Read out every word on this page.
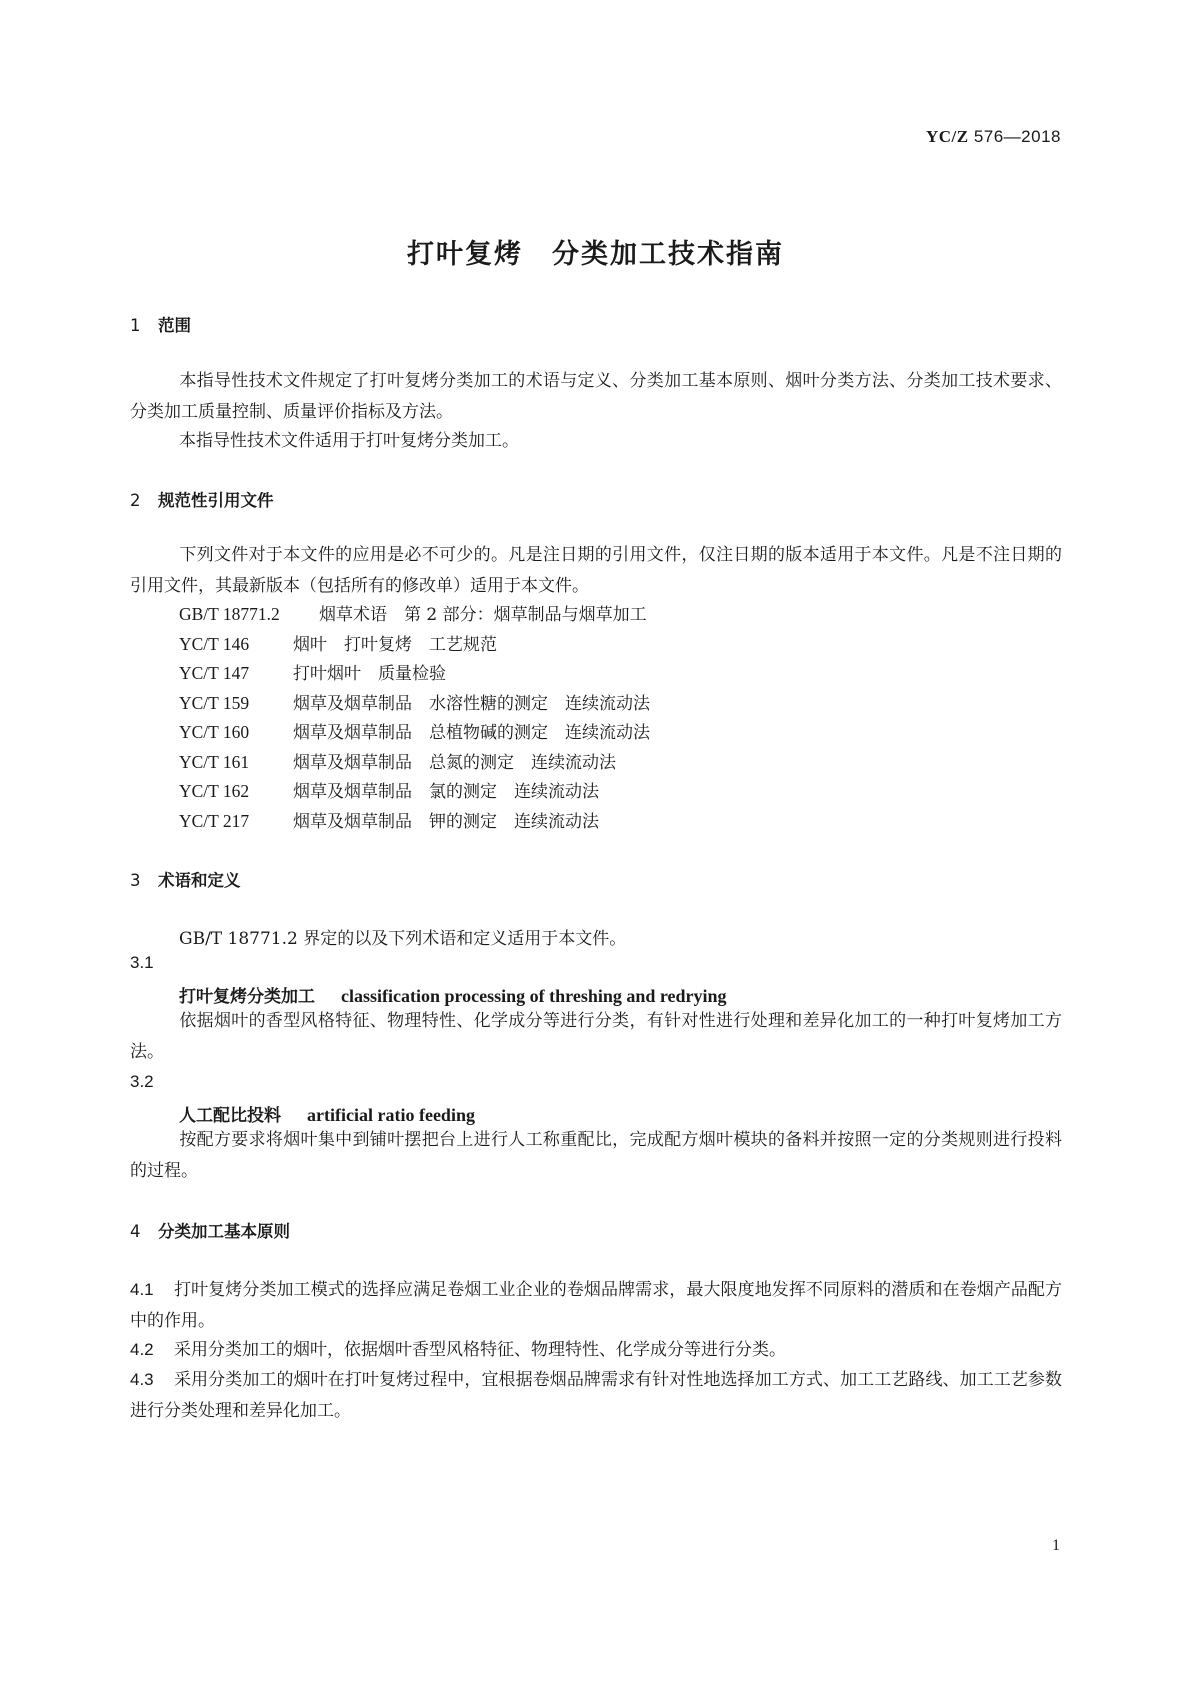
YC/Z 576—2018
打叶复烤　分类加工技术指南
1 范围
本指导性技术文件规定了打叶复烤分类加工的术语与定义、分类加工基本原则、烟叶分类方法、分类加工技术要求、分类加工质量控制、质量评价指标及方法。
本指导性技术文件适用于打叶复烤分类加工。
2 规范性引用文件
下列文件对于本文件的应用是必不可少的。凡是注日期的引用文件，仅注日期的版本适用于本文件。凡是不注日期的引用文件，其最新版本（包括所有的修改单）适用于本文件。
GB/T 18771.2 烟草术语　第 2 部分：烟草制品与烟草加工
YC/T 146	烟叶　打叶复烤　工艺规范
YC/T 147	打叶烟叶　质量检验
YC/T 159	烟草及烟草制品　水溶性糖的测定　连续流动法
YC/T 160	烟草及烟草制品　总植物碱的测定　连续流动法
YC/T 161	烟草及烟草制品　总氮的测定　连续流动法
YC/T 162	烟草及烟草制品　氯的测定　连续流动法
YC/T 217	烟草及烟草制品　钾的测定　连续流动法
3 术语和定义
GB/T 18771.2 界定的以及下列术语和定义适用于本文件。
3.1
打叶复烤分类加工 classification processing of threshing and redrying
依据烟叶的香型风格特征、物理特性、化学成分等进行分类，有针对性进行处理和差异化加工的一种打叶复烤加工方法。
3.2
人工配比投料 artificial ratio feeding
按配方要求将烟叶集中到铺叶摆把台上进行人工称重配比，完成配方烟叶模块的备料并按照一定的分类规则进行投料的过程。
4 分类加工基本原则
4.1 打叶复烤分类加工模式的选择应满足卷烟工业企业的卷烟品牌需求，最大限度地发挥不同原料的潜质和在卷烟产品配方中的作用。
4.2 采用分类加工的烟叶，依据烟叶香型风格特征、物理特性、化学成分等进行分类。
4.3 采用分类加工的烟叶在打叶复烤过程中，宜根据卷烟品牌需求有针对性地选择加工方式、加工工艺路线、加工工艺参数进行分类处理和差异化加工。
1
